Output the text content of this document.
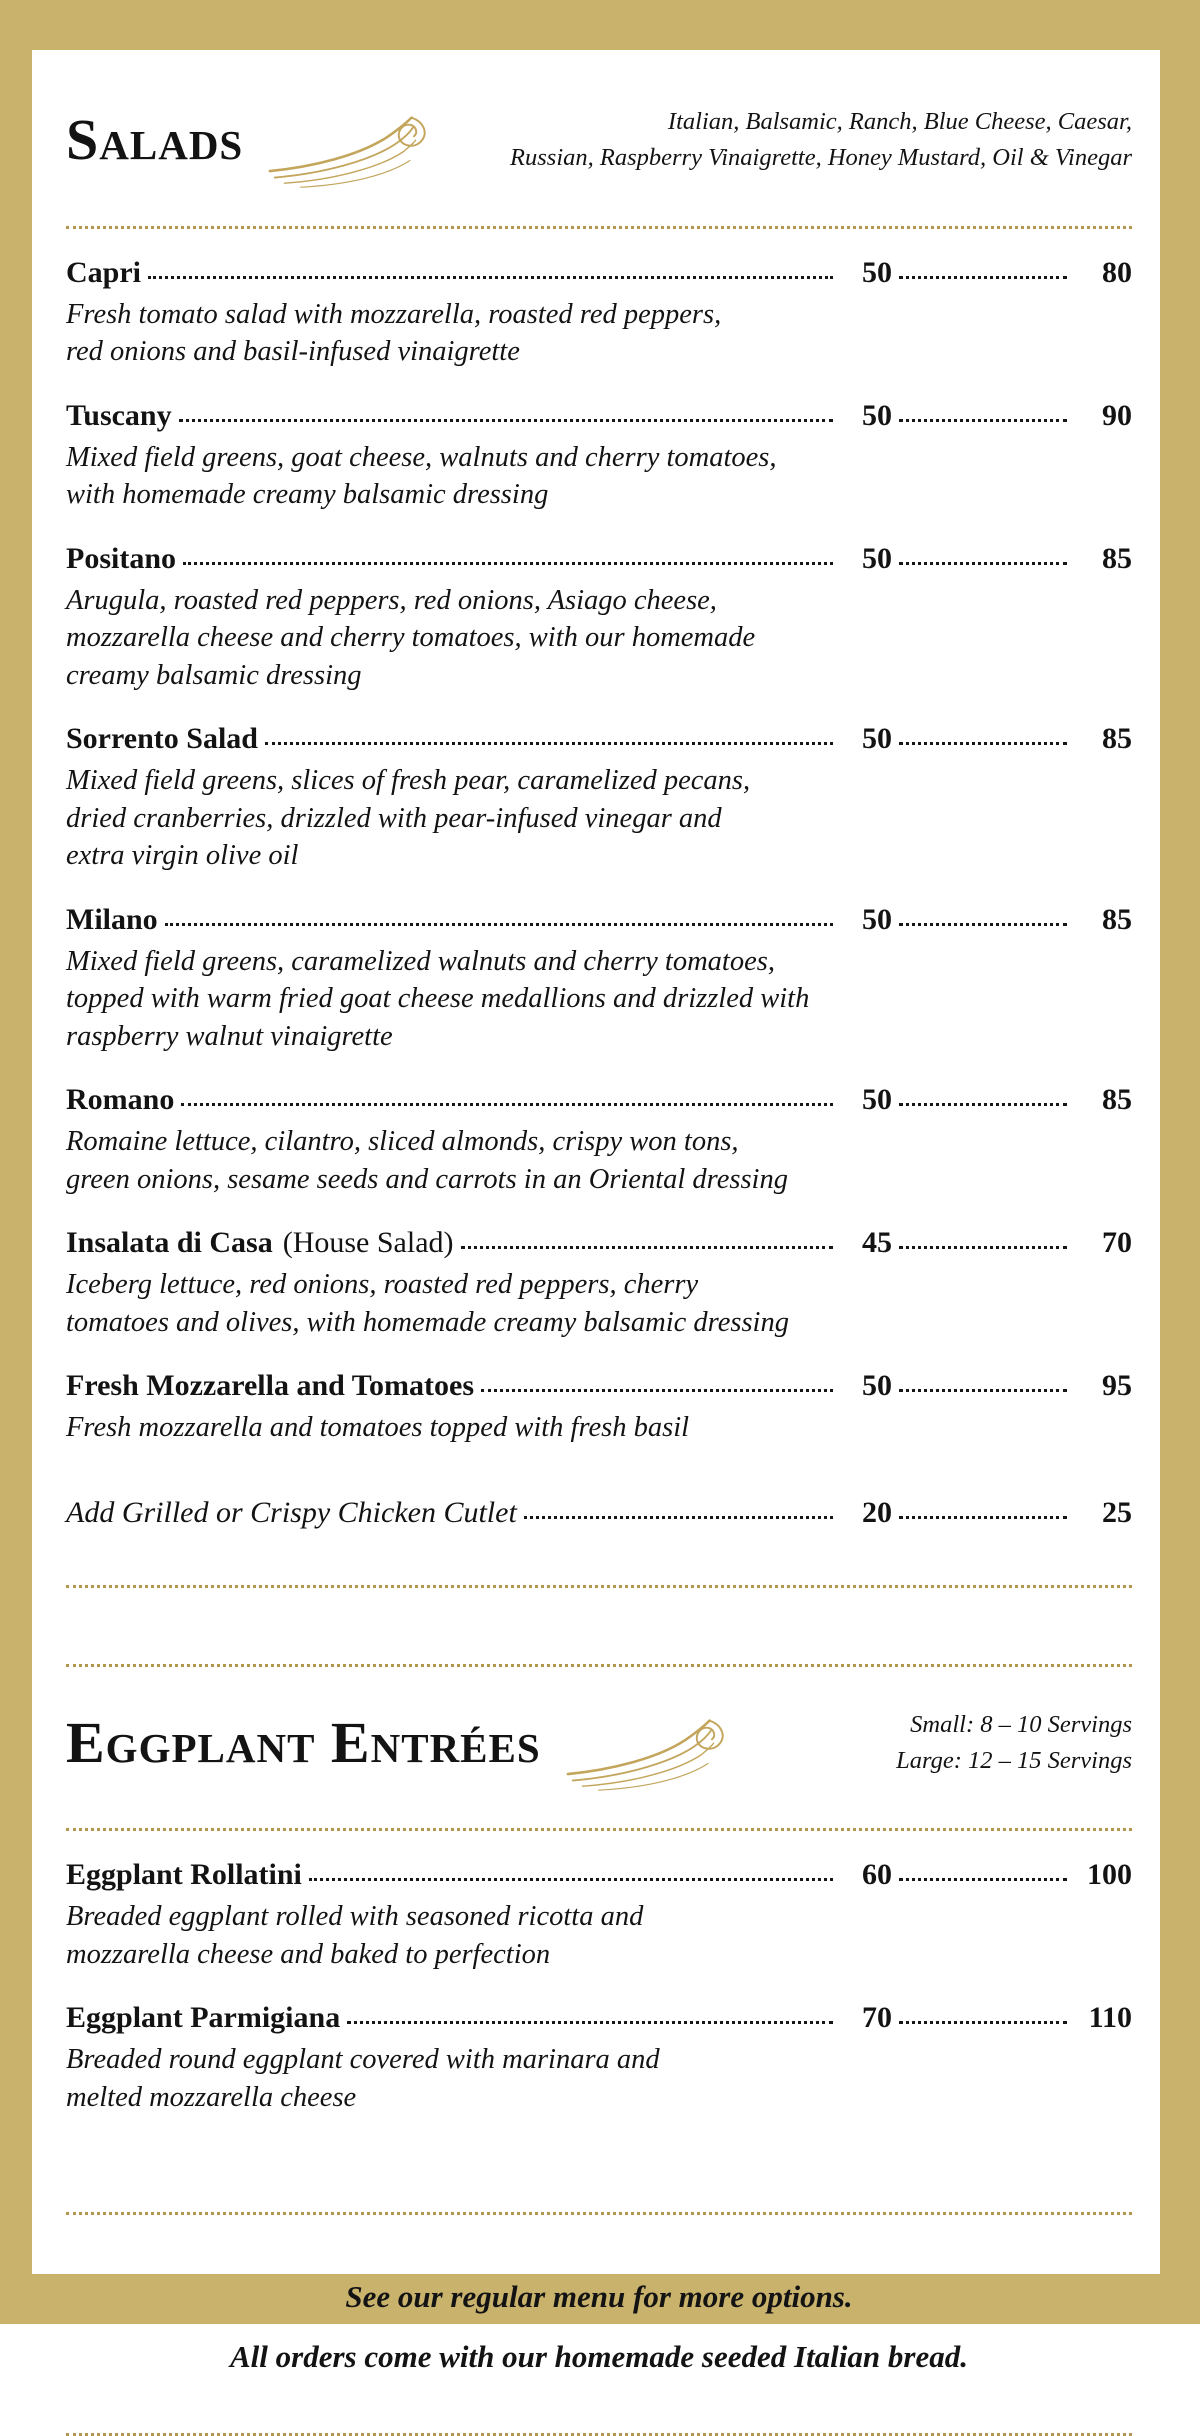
Salads	Italian, Balsamic, Ranch, Blue Cheese, Caesar,
Russian, Raspberry Vinaigrette, Honey Mustard, Oil & Vinegar
Capri	50	80
Fresh tomato salad with mozzarella, roasted red peppers,
red onions and basil-infused vinaigrette
Tuscany	50	90
Mixed field greens, goat cheese, walnuts and cherry tomatoes,
with homemade creamy balsamic dressing
Positano	50	85
Arugula, roasted red peppers, red onions, Asiago cheese,
mozzarella cheese and cherry tomatoes, with our homemade
creamy balsamic dressing
Sorrento Salad	50	85
Mixed field greens, slices of fresh pear, caramelized pecans,
dried cranberries, drizzled with pear-infused vinegar and
extra virgin olive oil
Milano	50	85
Mixed field greens, caramelized walnuts and cherry tomatoes,
topped with warm fried goat cheese medallions and drizzled with
raspberry walnut vinaigrette
Romano	50	85
Romaine lettuce, cilantro, sliced almonds, crispy won tons,
green onions, sesame seeds and carrots in an Oriental dressing
Insalata di Casa (House Salad)	45	70
Iceberg lettuce, red onions, roasted red peppers, cherry
tomatoes and olives, with homemade creamy balsamic dressing
Fresh Mozzarella and Tomatoes	50	95
Fresh mozzarella and tomatoes topped with fresh basil
Add Grilled or Crispy Chicken Cutlet	20	25
Eggplant Entrées	Small: 8 – 10 Servings
Large: 12 – 15 Servings
Eggplant Rollatini	60	100
Breaded eggplant rolled with seasoned ricotta and
mozzarella cheese and baked to perfection
Eggplant Parmigiana	70	110
Breaded round eggplant covered with marinara and
melted mozzarella cheese
See our regular menu for more options.
All orders come with our homemade seeded Italian bread.
